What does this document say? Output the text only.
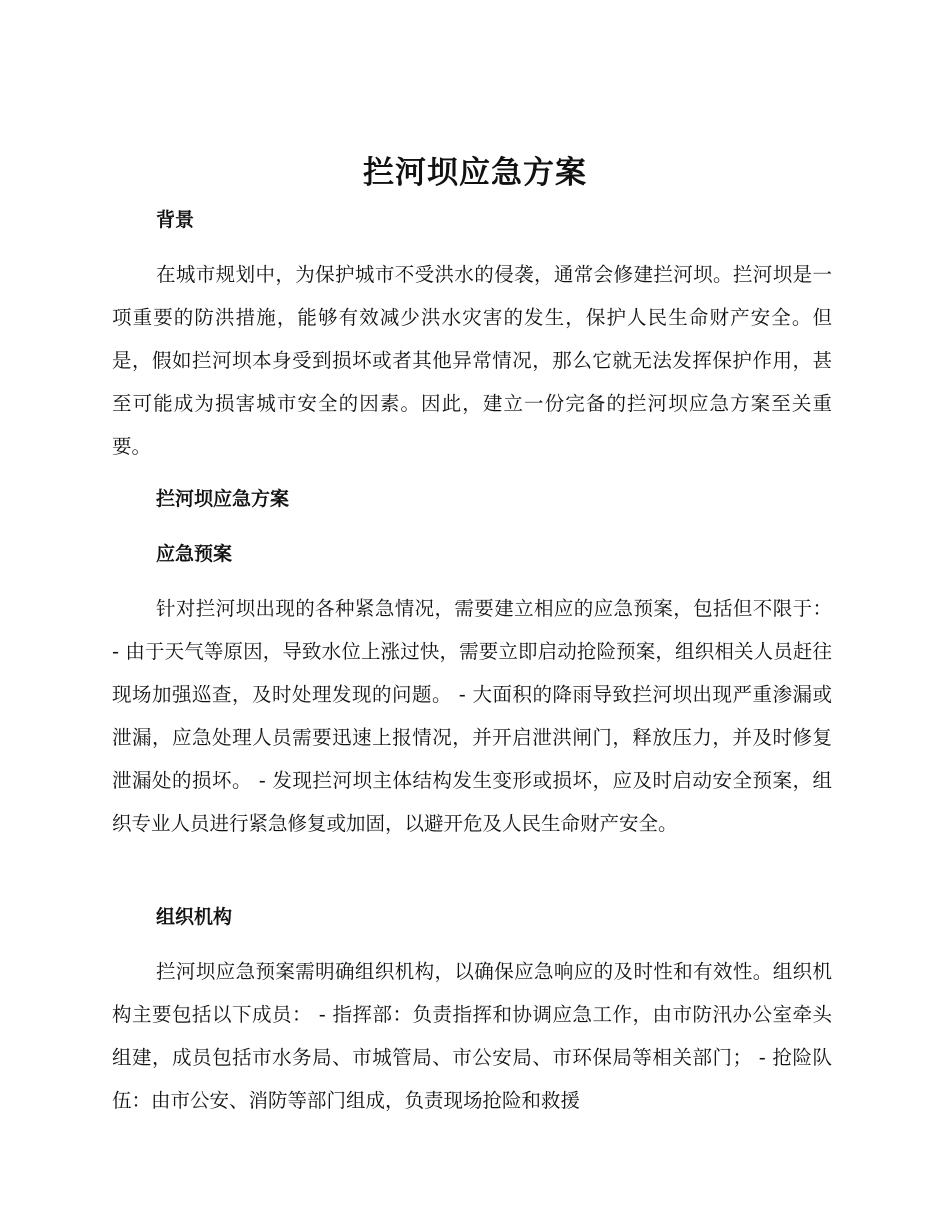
拦河坝应急方案
背景

在城市规划中，为保护城市不受洪水的侵袭，通常会修建拦河坝。拦河坝是一项重要的防洪措施，能够有效减少洪水灾害的发生，保护人民生命财产安全。但是，假如拦河坝本身受到损坏或者其他异常情况，那么它就无法发挥保护作用，甚至可能成为损害城市安全的因素。因此，建立一份完备的拦河坝应急方案至关重要。

拦河坝应急方案
应急预案

针对拦河坝出现的各种紧急情况，需要建立相应的应急预案，包括但不限于： - 由于天气等原因，导致水位上涨过快，需要立即启动抢险预案，组织相关人员赶往现场加强巡查，及时处理发现的问题。 - 大面积的降雨导致拦河坝出现严重渗漏或泄漏，应急处理人员需要迅速上报情况，并开启泄洪闸门，释放压力，并及时修复泄漏处的损坏。 - 发现拦河坝主体结构发生变形或损坏，应及时启动安全预案，组织专业人员进行紧急修复或加固，以避开危及人民生命财产安全。

组织机构

拦河坝应急预案需明确组织机构，以确保应急响应的及时性和有效性。组织机构主要包括以下成员： - 指挥部：负责指挥和协调应急工作，由市防汛办公室牵头组建，成员包括市水务局、市城管局、市公安局、市环保局等相关部门； - 抢险队伍：由市公安、消防等部门组成，负责现场抢险和救援
